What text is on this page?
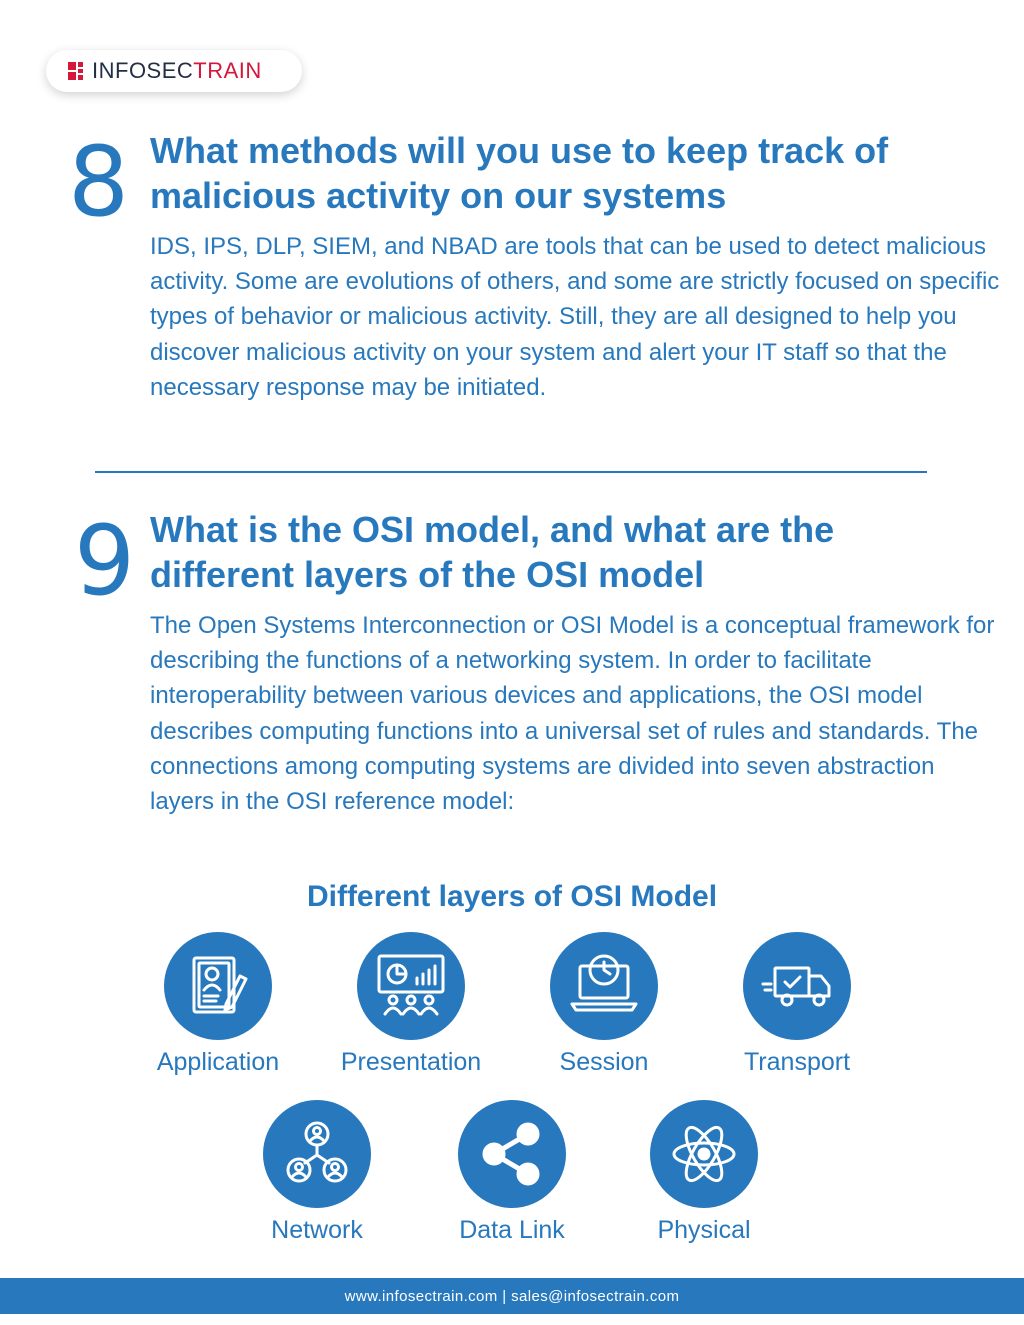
INFOSECTRAIN
8 What methods will you use to keep track of malicious activity on our systems
IDS, IPS, DLP, SIEM, and NBAD are tools that can be used to detect malicious activity. Some are evolutions of others, and some are strictly focused on specific types of behavior or malicious activity. Still, they are all designed to help you discover malicious activity on your system and alert your IT staff so that the necessary response may be initiated.
9 What is the OSI model, and what are the different layers of the OSI model
The Open Systems Interconnection or OSI Model is a conceptual framework for describing the functions of a networking system. In order to facilitate interoperability between various devices and applications, the OSI model describes computing functions into a universal set of rules and standards. The connections among computing systems are divided into seven abstraction layers in the OSI reference model:
Different layers of OSI Model
Application	Presentation	Session	Transport
Network	Data Link	Physical
www.infosectrain.com | sales@infosectrain.com
